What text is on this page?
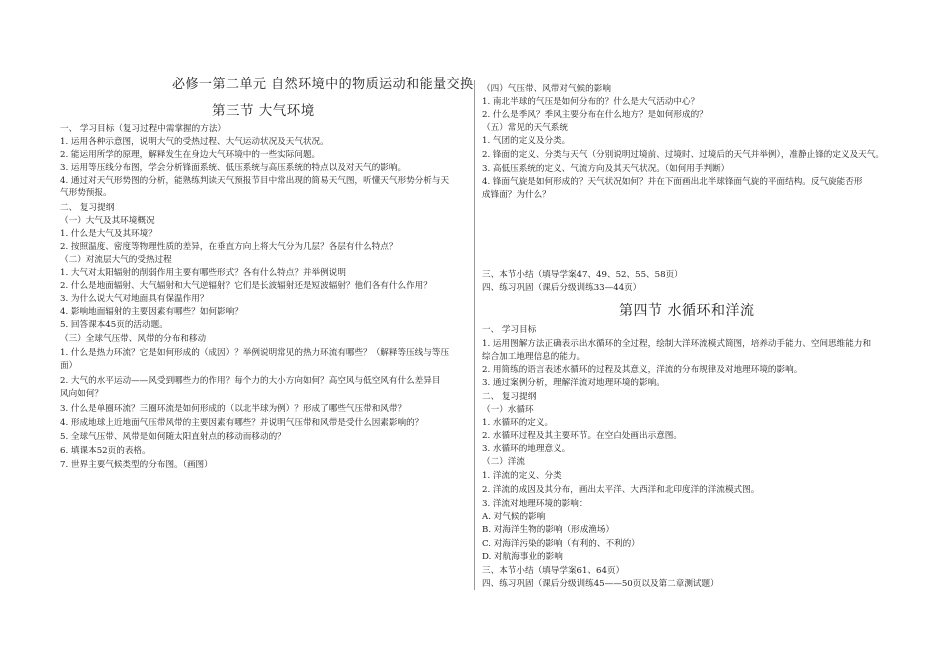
必修一第二单元 自然环境中的物质运动和能量交换
第三节 大气环境
一、 学习目标（复习过程中需掌握的方法）
1. 运用各种示意图，说明大气的受热过程、大气运动状况及天气状况。
2. 能运用所学的原理，解释发生在身边大气环境中的一些实际问题。
3. 运用等压线分布图，学会分析锋面系统、低压系统与高压系统的特点以及对天气的影响。
4. 通过对天气形势图的分析，能熟练判读天气预报节目中常出现的简易天气图，听懂天气形势分析与天
气形势预报。
二、 复习提纲
（一）大气及其环境概况
1. 什么是大气及其环境？
2. 按照温度、密度等物理性质的差异，在垂直方向上将大气分为几层？各层有什么特点？
（二）对流层大气的受热过程
1. 大气对太阳辐射的削弱作用主要有哪些形式？各有什么特点？并举例说明
2. 什么是地面辐射、大气辐射和大气逆辐射？它们是长波辐射还是短波辐射？他们各有什么作用？
3. 为什么说大气对地面具有保温作用？
4. 影响地面辐射的主要因素有哪些？如何影响？
5. 回答课本45页的活动题。
（三）全球气压带、风带的分布和移动
1. 什么是热力环流？它是如何形成的（成因）？举例说明常见的热力环流有哪些？（解释等压线与等压
面）
2. 大气的水平运动——风受到哪些力的作用？每个力的大小方向如何？高空风与低空风有什么差异目
风向如何？
3. 什么是单圈环流？三圈环流是如何形成的（以北半球为例）？形成了哪些气压带和风带？
4. 形成地球上近地面气压带风带的主要因素有哪些？并说明气压带和风带是受什么因素影响的？
5. 全球气压带、风带是如何随太阳直射点的移动而移动的？
6. 填课本52页的表格。
7. 世界主要气候类型的分布图。（画图）
（四）气压带、风带对气候的影响
1. 南北半球的气压是如何分布的？什么是大气活动中心？
2. 什么是季风？季风主要分布在什么地方？是如何形成的？
（五）常见的天气系统
1. 气团的定义及分类。
2. 锋面的定义、分类与天气（分别说明过境前、过境时、过境后的天气并举例），准静止锋的定义及天气。
3. 高低压系统的定义、气流方向及其天气状况。（如何用手判断）
4. 锋面气旋是如何形成的？天气状况如何？并在下面画出北半球锋面气旋的平面结构。反气旋能否形
成锋面？为什么？
三、本节小结（填导学案47、49、52、55、58页）
四、练习巩固（课后分级训练33—44页）
第四节 水循环和洋流
一、 学习目标
1. 运用图解方法正确表示出水循环的全过程，绘制大洋环流模式简图，培养动手能力、空间思维能力和
综合加工地理信息的能力。
2. 用简练的语言表述水循环的过程及其意义，洋流的分布规律及对地理环境的影响。
3. 通过案例分析，理解洋流对地理环境的影响。
二、 复习提纲
（一）水循环
1. 水循环的定义。
2. 水循环过程及其主要环节。在空白处画出示意图。
3. 水循环的地理意义。
（二）洋流
1. 洋流的定义、分类
2. 洋流的成因及其分布，画出太平洋、大西洋和北印度洋的洋流模式图。
3. 洋流对地理环境的影响：
A. 对气候的影响
B. 对海洋生物的影响（形成渔场）
C. 对海洋污染的影响（有利的、不利的）
D. 对航海事业的影响
三、本节小结（填导学案61、64页）
四、练习巩固（课后分级训练45——50页以及第二章测试题）
